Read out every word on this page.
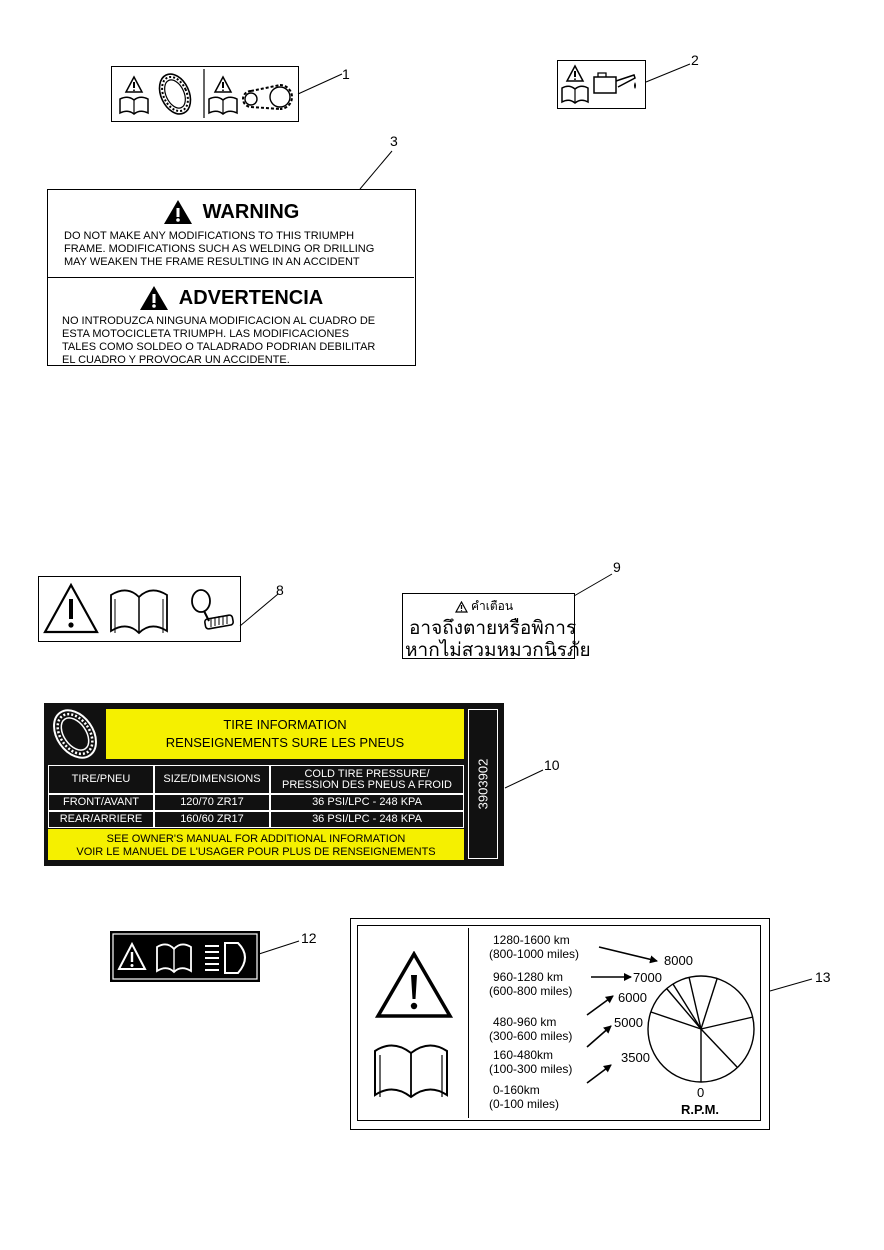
1
2
3
WARNING
DO NOT MAKE ANY MODIFICATIONS TO THIS TRIUMPH
FRAME. MODIFICATIONS SUCH AS WELDING OR DRILLING
MAY WEAKEN THE FRAME RESULTING IN AN ACCIDENT
ADVERTENCIA
NO INTRODUZCA NINGUNA MODIFICACION AL CUADRO DE
ESTA MOTOCICLETA TRIUMPH. LAS MODIFICACIONES
TALES COMO SOLDEO O TALADRADO PODRIAN DEBILITAR
EL CUADRO Y PROVOCAR UN ACCIDENTE.
8
คำเตือน
อาจถึงตายหรือพิการ
หากไม่สวมหมวกนิรภัย
9
TIRE INFORMATION
RENSEIGNEMENTS SURE LES PNEUS
3903902
TIRE/PNEU	SIZE/DIMENSIONS	COLD TIRE PRESSURE/
PRESSION DES PNEUS A FROID
FRONT/AVANT	120/70 ZR17	36 PSI/LPC - 248 KPA
REAR/ARRIERE	160/60 ZR17	36 PSI/LPC - 248 KPA
SEE OWNER'S MANUAL FOR ADDITIONAL INFORMATION
VOIR LE MANUEL DE L'USAGER POUR PLUS DE RENSEIGNEMENTS
10
12	1280-1600 km
(800-1000 miles)
960-1280 km
(600-800 miles)
480-960 km
(300-600 miles)
160-480km
(100-300 miles)
0-160km
(0-100 miles)
8000
7000
6000
5000
3500
0
R.P.M.
13
